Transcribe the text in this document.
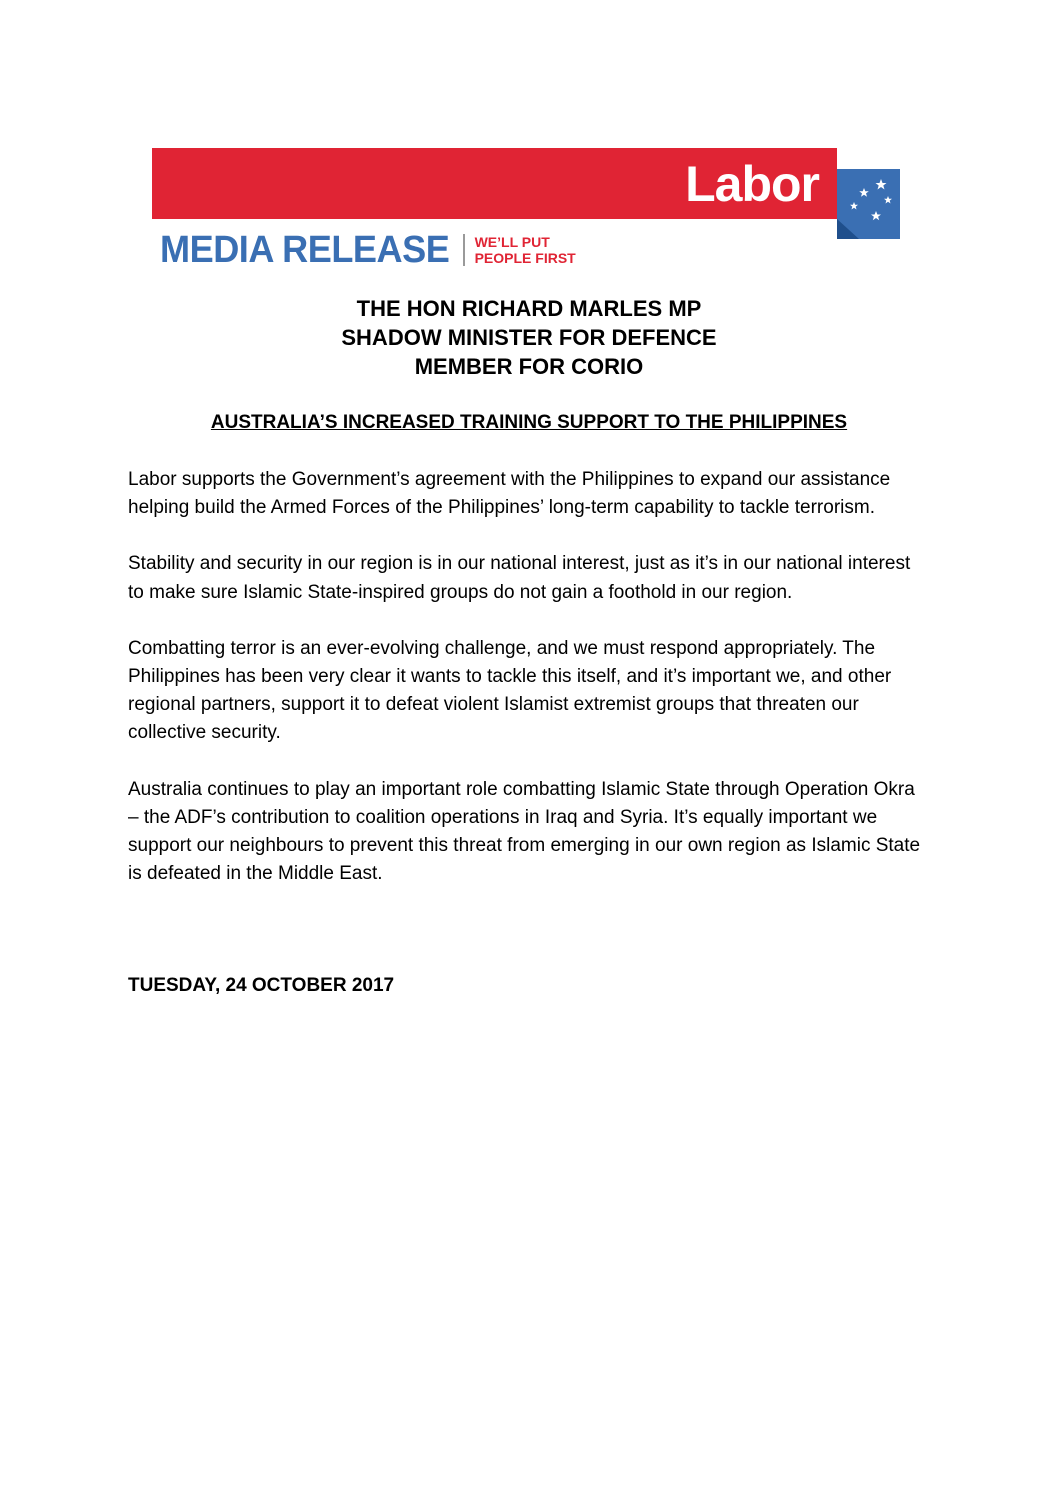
Labor
MEDIA RELEASE WE’LL PUT
PEOPLE FIRST
THE HON RICHARD MARLES MP
SHADOW MINISTER FOR DEFENCE
MEMBER FOR CORIO
AUSTRALIA’S INCREASED TRAINING SUPPORT TO THE PHILIPPINES

Labor supports the Government’s agreement with the Philippines to expand our assistance helping build the Armed Forces of the Philippines’ long-term capability to tackle terrorism.

Stability and security in our region is in our national interest, just as it’s in our national interest to make sure Islamic State-inspired groups do not gain a foothold in our region.

Combatting terror is an ever-evolving challenge, and we must respond appropriately. The Philippines has been very clear it wants to tackle this itself, and it’s important we, and other regional partners, support it to defeat violent Islamist extremist groups that threaten our collective security.

Australia continues to play an important role combatting Islamic State through Operation Okra – the ADF’s contribution to coalition operations in Iraq and Syria. It’s equally important we support our neighbours to prevent this threat from emerging in our own region as Islamic State is defeated in the Middle East.

TUESDAY, 24 OCTOBER 2017
